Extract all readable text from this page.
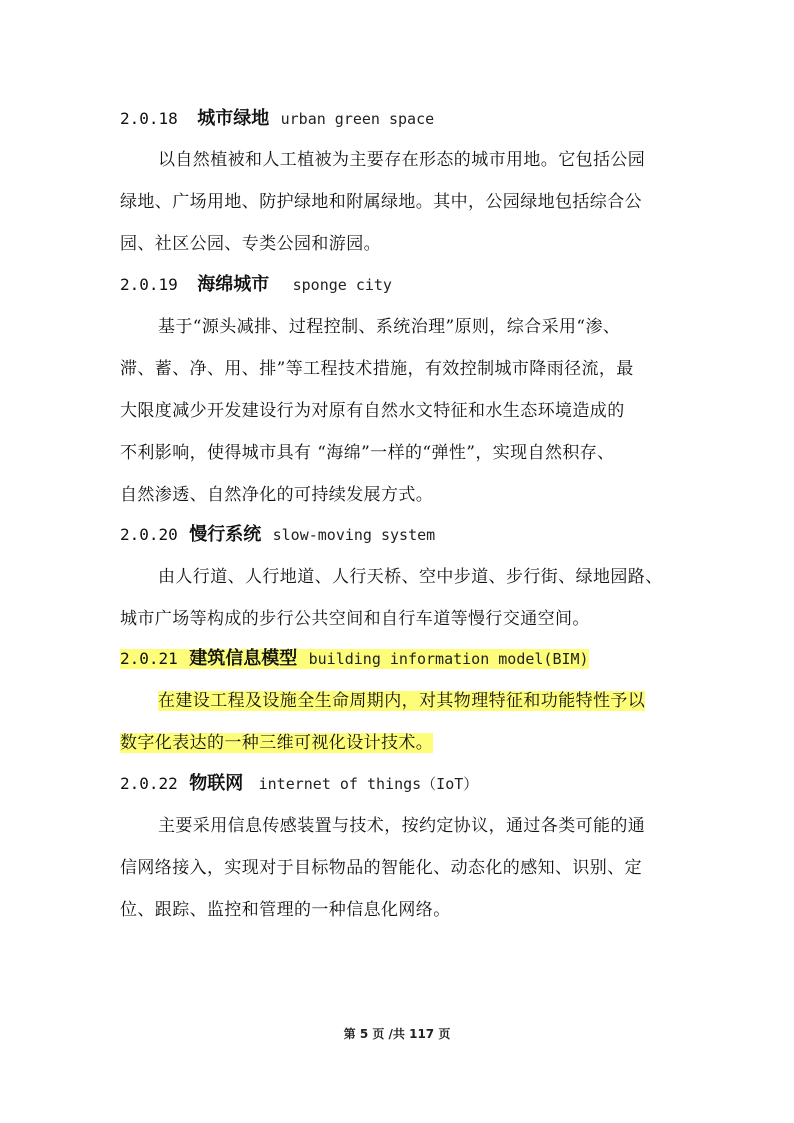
2.0.18 城市绿地 urban green space
以自然植被和人工植被为主要存在形态的城市用地。它包括公园
绿地、广场用地、防护绿地和附属绿地。其中，公园绿地包括综合公
园、社区公园、专类公园和游园。
2.0.19 海绵城市 sponge city
基于“源头减排、过程控制、系统治理”原则，综合采用“渗、
滞、蓄、净、用、排”等工程技术措施，有效控制城市降雨径流，最
大限度减少开发建设行为对原有自然水文特征和水生态环境造成的
不利影响，使得城市具有 “海绵”一样的“弹性”，实现自然积存、
自然渗透、自然净化的可持续发展方式。
2.0.20 慢行系统 slow-moving system
由人行道、人行地道、人行天桥、空中步道、步行街、绿地园路、
城市广场等构成的步行公共空间和自行车道等慢行交通空间。
2.0.21 建筑信息模型 building information model(BIM)
在建设工程及设施全生命周期内，对其物理特征和功能特性予以
数字化表达的一种三维可视化设计技术。
2.0.22 物联网 internet of things（IoT）
主要采用信息传感装置与技术，按约定协议，通过各类可能的通
信网络接入，实现对于目标物品的智能化、动态化的感知、识别、定
位、跟踪、监控和管理的一种信息化网络。
第 5 页 /共 117 页
